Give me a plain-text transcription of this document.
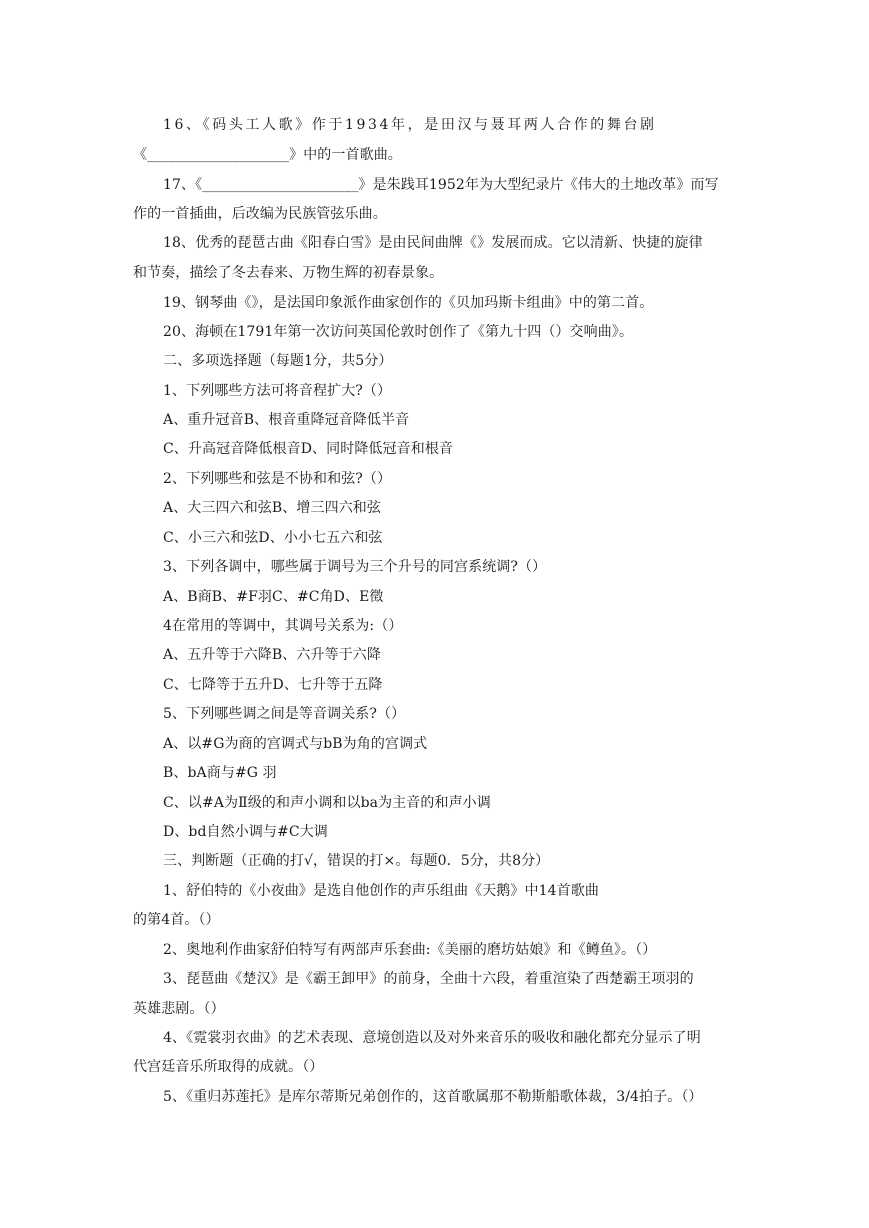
16、《码头工人歌》作于1934年，是田汉与聂耳两人合作的舞台剧
《____________________》中的一首歌曲。
17、《______________________》是朱践耳1952年为大型纪录片《伟大的土地改革》而写
作的一首插曲，后改编为民族管弦乐曲。
18、优秀的琵琶古曲《阳春白雪》是由民间曲牌《》发展而成。它以清新、快捷的旋律
和节奏，描绘了冬去春来、万物生辉的初春景象。
19、钢琴曲《》，是法国印象派作曲家创作的《贝加玛斯卡组曲》中的第二首。
20、海顿在1791年第一次访问英国伦敦时创作了《第九十四（）交响曲》。
二、多项选择题（每题1分，共5分）
1、下列哪些方法可将音程扩大?（）
A、重升冠音B、根音重降冠音降低半音
C、升高冠音降低根音D、同时降低冠音和根音
2、下列哪些和弦是不协和和弦?（）
A、大三四六和弦B、增三四六和弦
C、小三六和弦D、小小七五六和弦
3、下列各调中，哪些属于调号为三个升号的同宫系统调?（）
A、B商B、#F羽C、#C角D、E徵
4在常用的等调中，其调号关系为:（）
A、五升等于六降B、六升等于六降
C、七降等于五升D、七升等于五降
5、下列哪些调之间是等音调关系?（）
A、以#G为商的宫调式与bB为角的宫调式
B、bA商与#G 羽
C、以#A为Ⅱ级的和声小调和以ba为主音的和声小调
D、bd自然小调与#C大调
三、判断题（正确的打√，错误的打×。每题0．5分，共8分）
1、舒伯特的《小夜曲》是选自他创作的声乐组曲《天鹅》中14首歌曲
的第4首。（）
2、奥地利作曲家舒伯特写有两部声乐套曲:《美丽的磨坊姑娘》和《鳟鱼》。（）
3、琵琶曲《楚汉》是《霸王卸甲》的前身，全曲十六段，着重渲染了西楚霸王项羽的
英雄悲剧。（）
4、《霓裳羽衣曲》的艺术表现、意境创造以及对外来音乐的吸收和融化都充分显示了明
代宫廷音乐所取得的成就。（）
5、《重归苏莲托》是库尔蒂斯兄弟创作的，这首歌属那不勒斯船歌体裁，3/4拍子。（）
